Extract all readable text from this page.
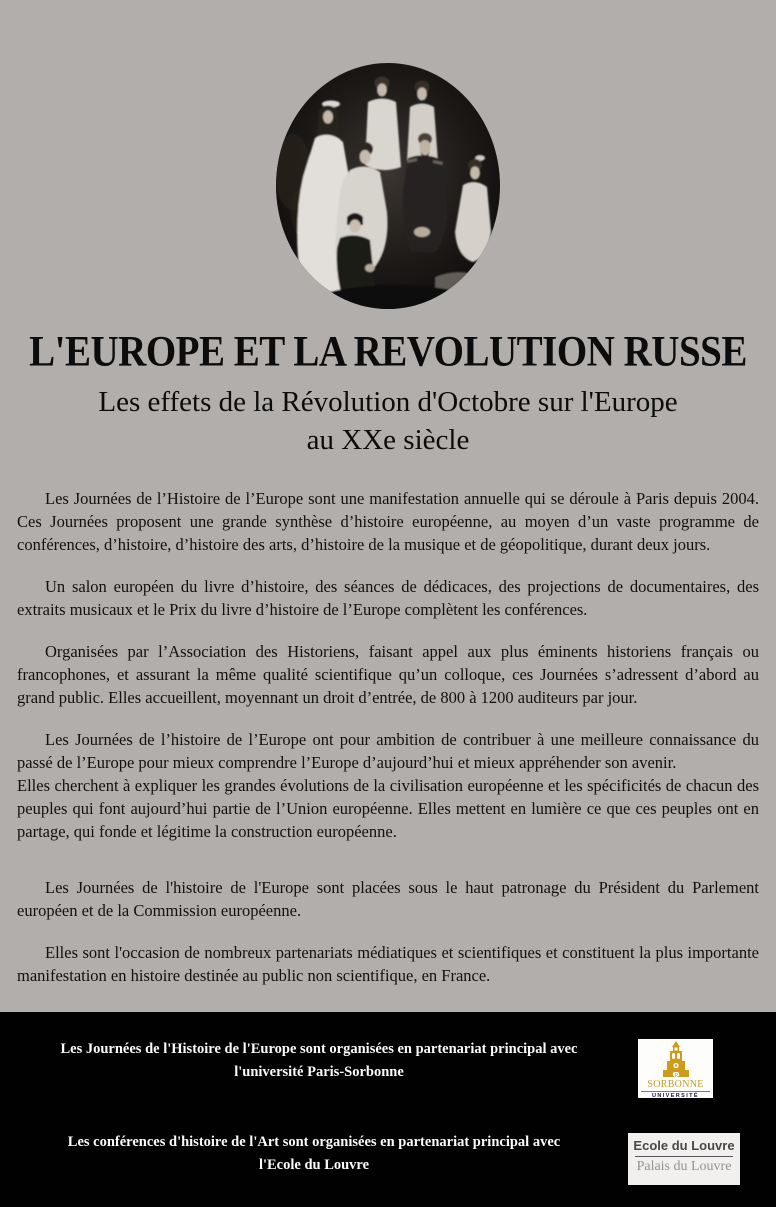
L'EUROPE ET LA REVOLUTION RUSSE
Les effets de la Révolution d'Octobre sur l'Europe
au XXe siècle

Les Journées de l’Histoire de l’Europe sont une manifestation annuelle qui se déroule à Paris depuis 2004. Ces Journées proposent une grande synthèse d’histoire européenne, au moyen d’un vaste programme de conférences, d’histoire, d’histoire des arts, d’histoire de la musique et de géopolitique, durant deux jours.

Un salon européen du livre d’histoire, des séances de dédicaces, des projections de documentaires, des extraits musicaux et le Prix du livre d’histoire de l’Europe complètent les conférences.

Organisées par l’Association des Historiens, faisant appel aux plus éminents historiens français ou francophones, et assurant la même qualité scientifique qu’un colloque, ces Journées s’adressent d’abord au grand public. Elles accueillent, moyennant un droit d’entrée, de 800 à 1200 auditeurs par jour.

Les Journées de l’histoire de l’Europe ont pour ambition de contribuer à une meilleure connaissance du passé de l’Europe pour mieux comprendre l’Europe d’aujourd’hui et mieux appréhender son avenir.

Elles cherchent à expliquer les grandes évolutions de la civilisation européenne et les spécificités de chacun des peuples qui font aujourd’hui partie de l’Union européenne. Elles mettent en lumière ce que ces peuples ont en partage, qui fonde et légitime la construction européenne.

Les Journées de l'histoire de l'Europe sont placées sous le haut patronage du Président du Parlement européen et de la Commission européenne.

Elles sont l'occasion de nombreux partenariats médiatiques et scientifiques et constituent la plus importante manifestation en histoire destinée au public non scientifique, en France.

Les Journées de l'Histoire de l'Europe sont organisées en partenariat principal avec
l'université Paris-Sorbonne	PARIS
SORBONNE
UNIVERSITÉ
Les conférences d'histoire de l'Art sont organisées en partenariat principal avec
l'Ecole du Louvre
Ecole du Louvre
Palais du Louvre
